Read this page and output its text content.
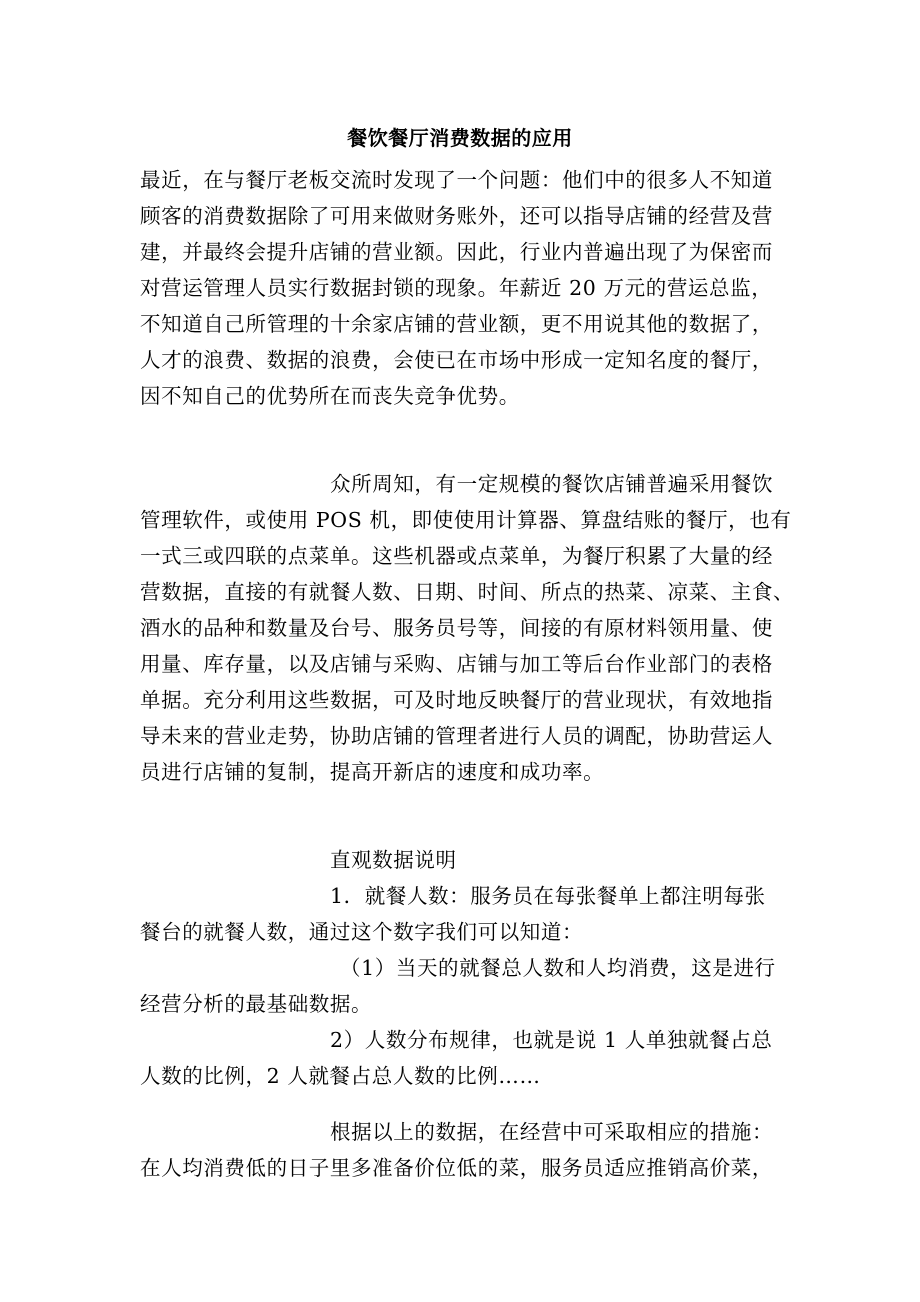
餐饮餐厅消费数据的应用
最近，在与餐厅老板交流时发现了一个问题：他们中的很多人不知道
顾客的消费数据除了可用来做财务账外，还可以指导店铺的经营及营
建，并最终会提升店铺的营业额。因此，行业内普遍出现了为保密而
对营运管理人员实行数据封锁的现象。年薪近 20 万元的营运总监，
不知道自己所管理的十余家店铺的营业额，更不用说其他的数据了，
人才的浪费、数据的浪费，会使已在市场中形成一定知名度的餐厅，
因不知自己的优势所在而丧失竞争优势。
众所周知，有一定规模的餐饮店铺普遍采用餐饮
管理软件，或使用 POS 机，即使使用计算器、算盘结账的餐厅，也有
一式三或四联的点菜单。这些机器或点菜单，为餐厅积累了大量的经
营数据，直接的有就餐人数、日期、时间、所点的热菜、凉菜、主食、
酒水的品种和数量及台号、服务员号等，间接的有原材料领用量、使
用量、库存量，以及店铺与采购、店铺与加工等后台作业部门的表格
单据。充分利用这些数据，可及时地反映餐厅的营业现状，有效地指
导未来的营业走势，协助店铺的管理者进行人员的调配，协助营运人
员进行店铺的复制，提高开新店的速度和成功率。
直观数据说明
1．就餐人数：服务员在每张餐单上都注明每张
餐台的就餐人数，通过这个数字我们可以知道：
（1）当天的就餐总人数和人均消费，这是进行
经营分析的最基础数据。
2）人数分布规律，也就是说 1 人单独就餐占总
人数的比例，2 人就餐占总人数的比例……
根据以上的数据，在经营中可采取相应的措施：
在人均消费低的日子里多准备价位低的菜，服务员适应推销高价菜，
